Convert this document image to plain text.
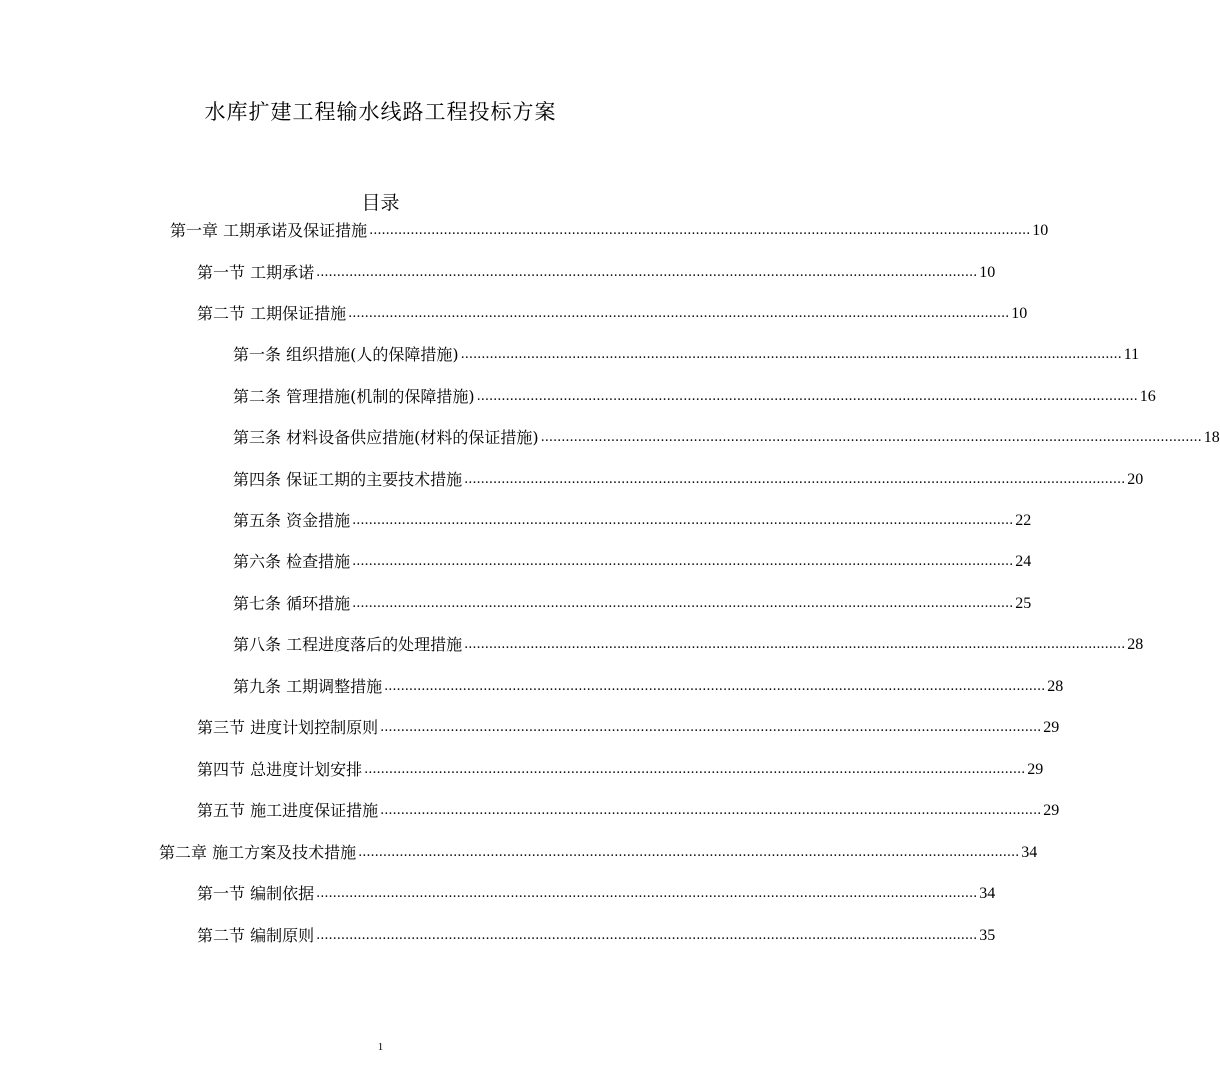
水库扩建工程输水线路工程投标方案
目录
第一章 工期承诺及保证措施 ................................................................................................................................................................ 10
第一节 工期承诺 ................................................................................................................................................................ 10
第二节 工期保证措施 ................................................................................................................................................................ 10
第一条 组织措施(人的保障措施) ................................................................................................................................................................ 11
第二条 管理措施(机制的保障措施) ................................................................................................................................................................ 16
第三条 材料设备供应措施(材料的保证措施) ................................................................................................................................................................ 18
第四条 保证工期的主要技术措施 ................................................................................................................................................................ 20
第五条 资金措施 ................................................................................................................................................................ 22
第六条 检查措施 ................................................................................................................................................................ 24
第七条 循环措施 ................................................................................................................................................................ 25
第八条 工程进度落后的处理措施 ................................................................................................................................................................ 28
第九条 工期调整措施 ................................................................................................................................................................ 28
第三节 进度计划控制原则 ................................................................................................................................................................ 29
第四节 总进度计划安排 ................................................................................................................................................................ 29
第五节 施工进度保证措施 ................................................................................................................................................................ 29
第二章 施工方案及技术措施 ................................................................................................................................................................ 34
第一节 编制依据 ................................................................................................................................................................ 34
第二节 编制原则 ................................................................................................................................................................ 35
1
